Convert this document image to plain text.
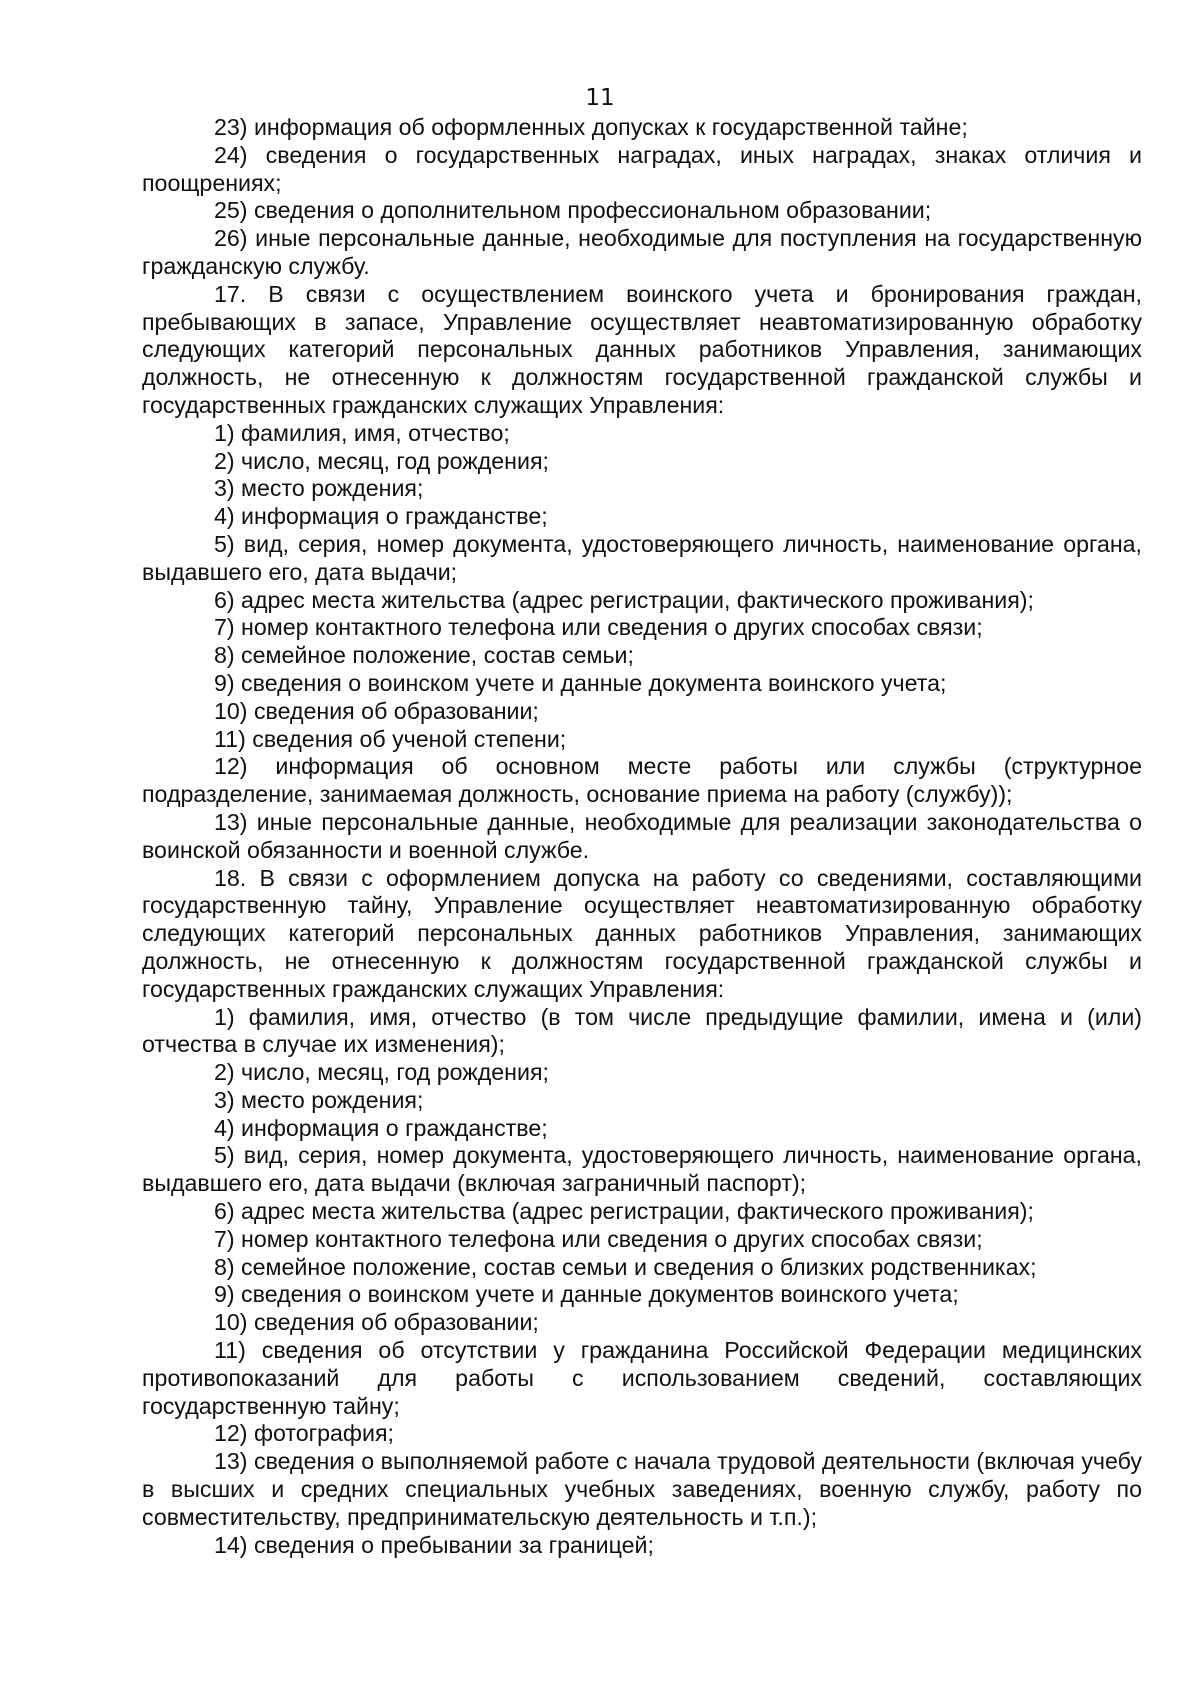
11

23) информация об оформленных допусках к государственной тайне;

24) сведения о государственных наградах, иных наградах, знаках отличия и поощрениях;

25) сведения о дополнительном профессиональном образовании;

26) иные персональные данные, необходимые для поступления на государственную гражданскую службу.

17. В связи с осуществлением воинского учета и бронирования граждан, пребывающих в запасе, Управление осуществляет неавтоматизированную обработку следующих категорий персональных данных работников Управления, занимающих должность, не отнесенную к должностям государственной гражданской службы и государственных гражданских служащих Управления:

1) фамилия, имя, отчество;

2) число, месяц, год рождения;

3) место рождения;

4) информация о гражданстве;

5) вид, серия, номер документа, удостоверяющего личность, наименование органа, выдавшего его, дата выдачи;

6) адрес места жительства (адрес регистрации, фактического проживания);

7) номер контактного телефона или сведения о других способах связи;

8) семейное положение, состав семьи;

9) сведения о воинском учете и данные документа воинского учета;

10) сведения об образовании;

11) сведения об ученой степени;

12) информация об основном месте работы или службы (структурное подразделение, занимаемая должность, основание приема на работу (службу));

13) иные персональные данные, необходимые для реализации законодательства о воинской обязанности и военной службе.

18. В связи с оформлением допуска на работу со сведениями, составляющими государственную тайну, Управление осуществляет неавтоматизированную обработку следующих категорий персональных данных работников Управления, занимающих должность, не отнесенную к должностям государственной гражданской службы и государственных гражданских служащих Управления:

1) фамилия, имя, отчество (в том числе предыдущие фамилии, имена и (или) отчества в случае их изменения);

2) число, месяц, год рождения;

3) место рождения;

4) информация о гражданстве;

5) вид, серия, номер документа, удостоверяющего личность, наименование органа, выдавшего его, дата выдачи (включая заграничный паспорт);

6) адрес места жительства (адрес регистрации, фактического проживания);

7) номер контактного телефона или сведения о других способах связи;

8) семейное положение, состав семьи и сведения о близких родственниках;

9) сведения о воинском учете и данные документов воинского учета;

10) сведения об образовании;

11) сведения об отсутствии у гражданина Российской Федерации медицинских противопоказаний для работы с использованием сведений, составляющих государственную тайну;

12) фотография;

13) сведения о выполняемой работе с начала трудовой деятельности (включая учебу в высших и средних специальных учебных заведениях, военную службу, работу по совместительству, предпринимательскую деятельность и т.п.);

14) сведения о пребывании за границей;
